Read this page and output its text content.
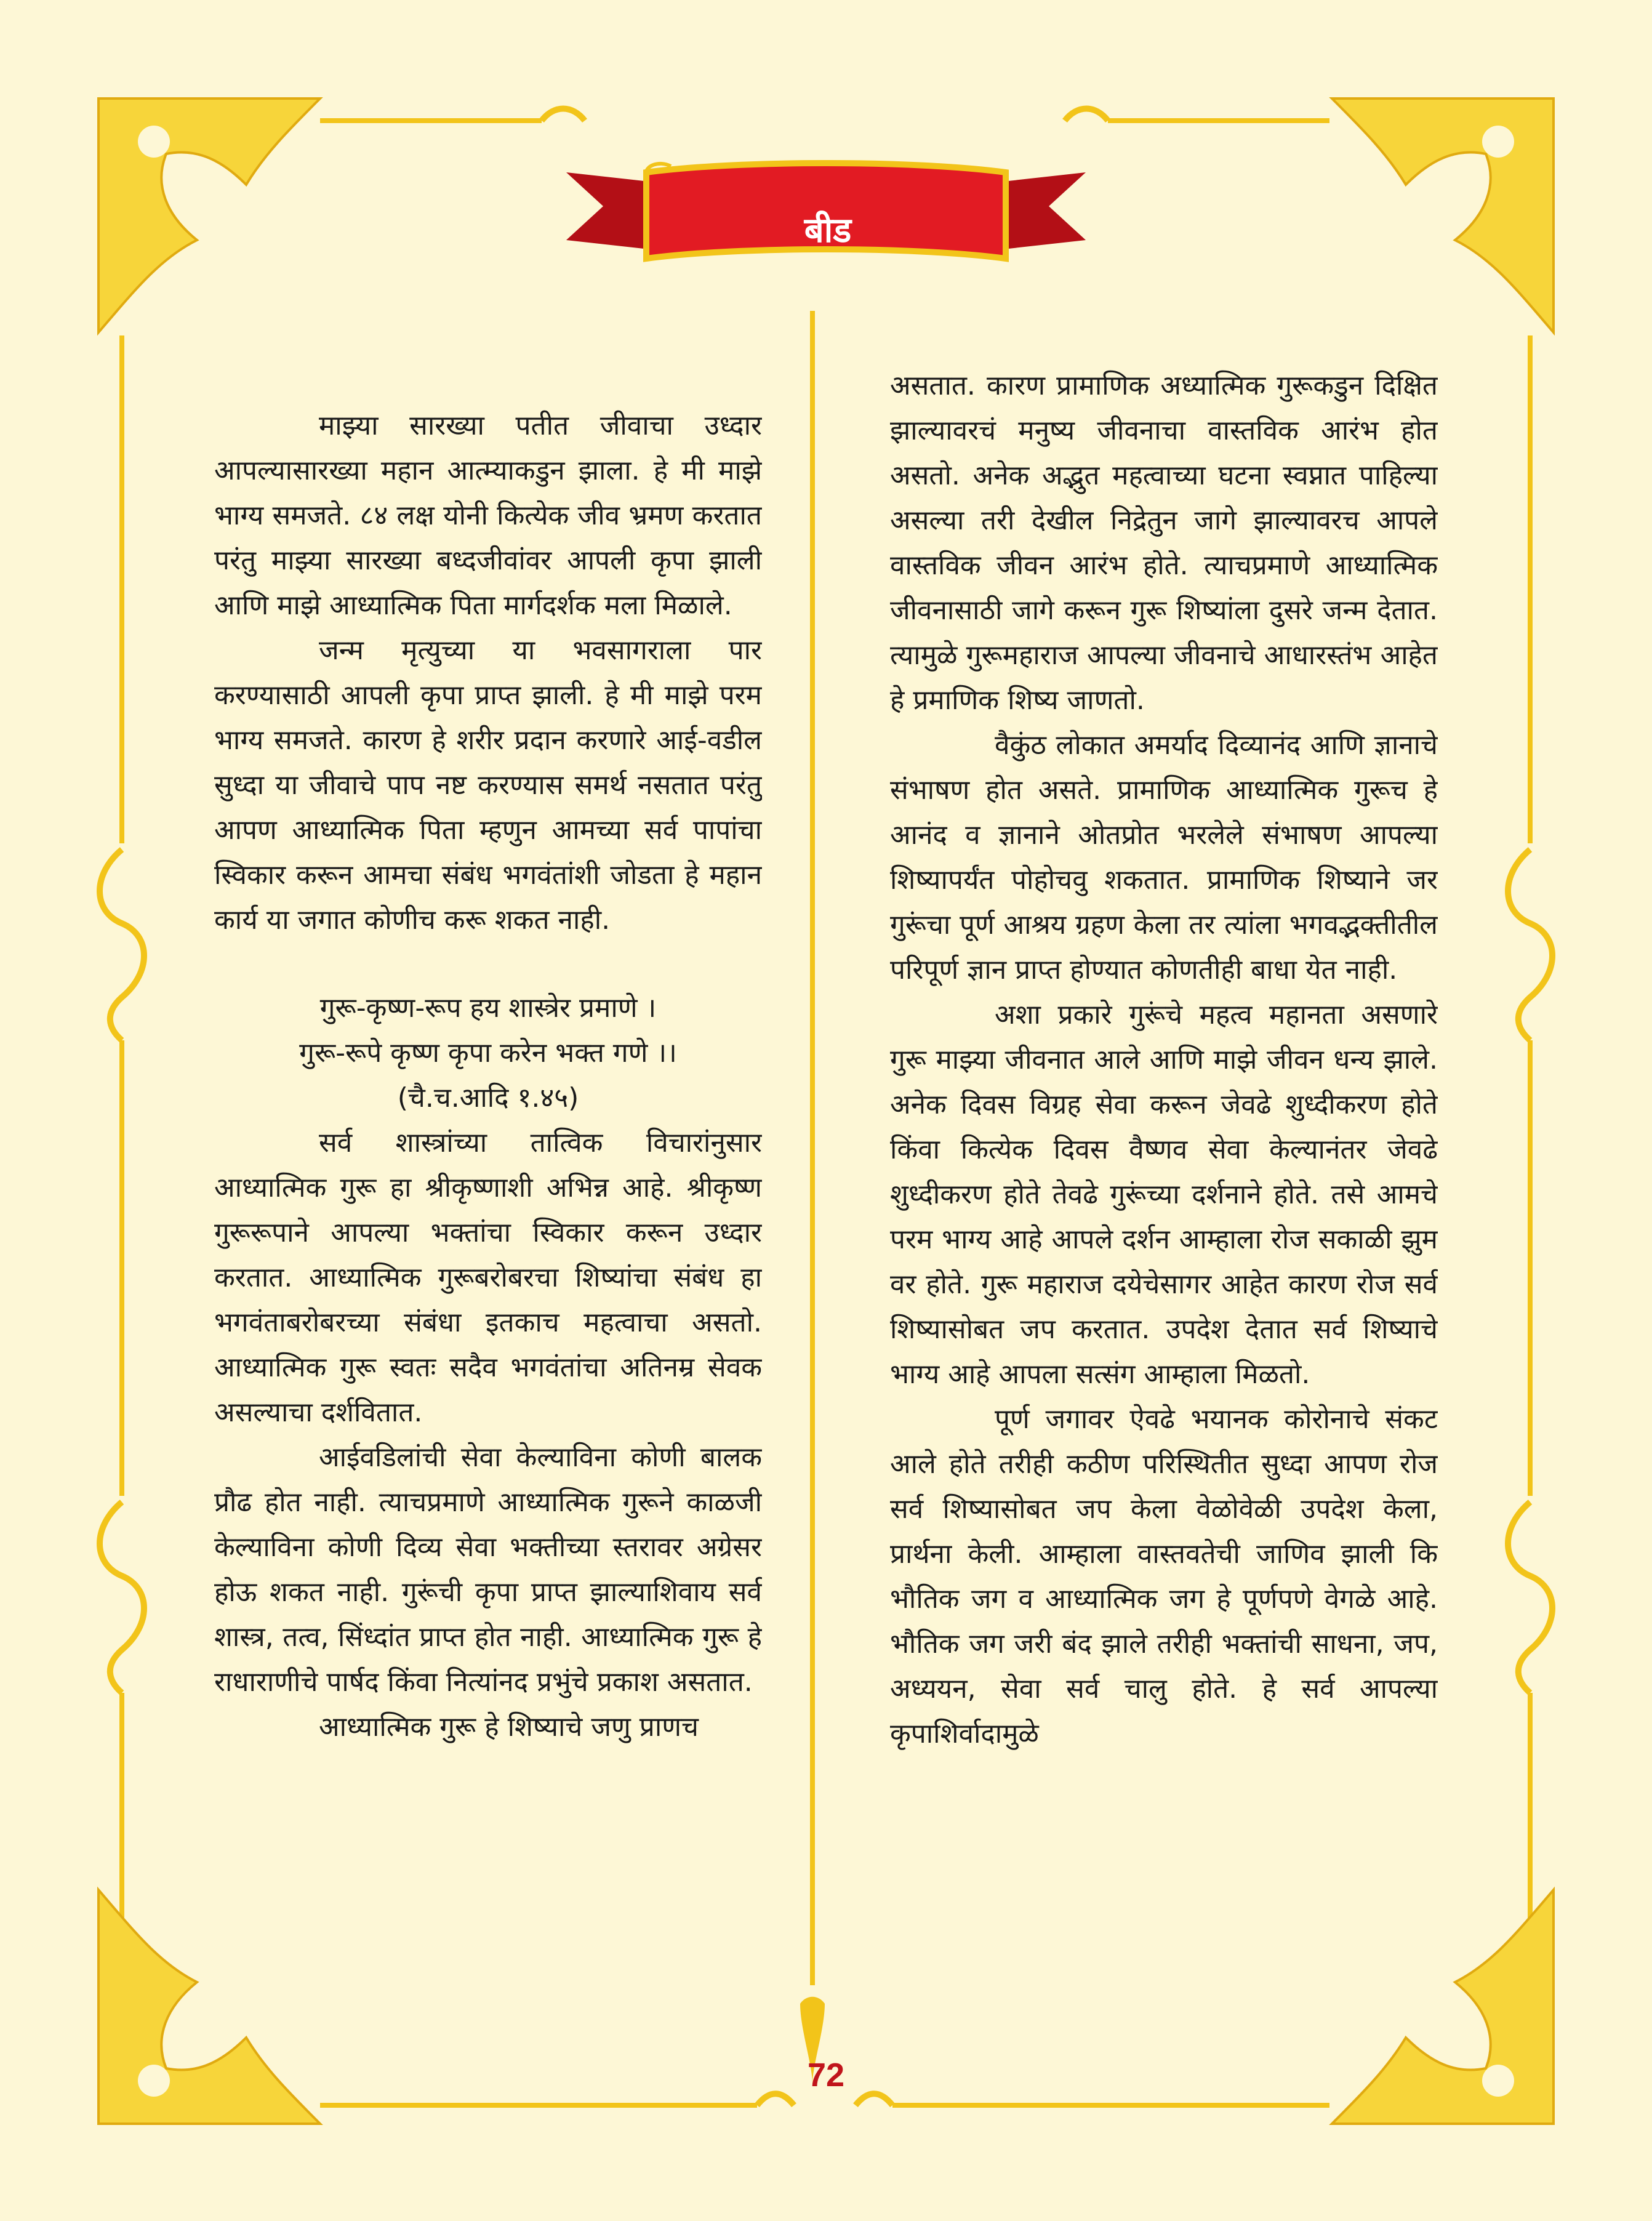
बीड

माझ्या सारख्या पतीत जीवाचा उध्दार आपल्यासारख्या महान आत्म्याकडुन झाला. हे मी माझे भाग्य समजते. ८४ लक्ष योनी कित्येक जीव भ्रमण करतात परंतु माझ्या सारख्या बध्दजीवांवर आपली कृपा झाली आणि माझे आध्यात्मिक पिता मार्गदर्शक मला मिळाले.

जन्म मृत्युच्या या भवसागराला पार करण्यासाठी आपली कृपा प्राप्त झाली. हे मी माझे परम भाग्य समजते. कारण हे शरीर प्रदान करणारे आई-वडील सुध्दा या जीवाचे पाप नष्ट करण्यास समर्थ नसतात परंतु आपण आध्यात्मिक पिता म्हणुन आमच्या सर्व पापांचा स्विकार करून आमचा संबंध भगवंतांशी जोडता हे महान कार्य या जगात कोणीच करू शकत नाही.

गुरू-कृष्ण-रूप हय शास्त्रेर प्रमाणे ।

गुरू-रूपे कृष्ण कृपा करेन भक्त गणे ।।

(चै.च.आदि १.४५)

सर्व शास्त्रांच्या तात्विक विचारांनुसार आध्यात्मिक गुरू हा श्रीकृष्णाशी अभिन्न आहे. श्रीकृष्ण गुरूरूपाने आपल्या भक्तांचा स्विकार करून उध्दार करतात. आध्यात्मिक गुरूबरोबरचा शिष्यांचा संबंध हा भगवंताबरोबरच्या संबंधा इतकाच महत्वाचा असतो. आध्यात्मिक गुरू स्वतः सदैव भगवंतांचा अतिनम्र सेवक असल्याचा दर्शवितात.

आईवडिलांची सेवा केल्याविना कोणी बालक प्रौढ होत नाही. त्याचप्रमाणे आध्यात्मिक गुरूने काळजी केल्याविना कोणी दिव्य सेवा भक्तीच्या स्तरावर अग्रेसर होऊ शकत नाही. गुरूंची कृपा प्राप्त झाल्याशिवाय सर्व शास्त्र, तत्व, सिंध्दांत प्राप्त होत नाही. आध्यात्मिक गुरू हे राधाराणीचे पार्षद किंवा नित्यांनद प्रभुंचे प्रकाश असतात.

आध्यात्मिक गुरू हे शिष्याचे जणु प्राणच

असतात. कारण प्रामाणिक अध्यात्मिक गुरूकडुन दिक्षित झाल्यावरचं मनुष्य जीवनाचा वास्तविक आरंभ होत असतो. अनेक अद्भुत महत्वाच्या घटना स्वप्नात पाहिल्या असल्या तरी देखील निद्रेतुन जागे झाल्यावरच आपले वास्तविक जीवन आरंभ होते. त्याचप्रमाणे आध्यात्मिक जीवनासाठी जागे करून गुरू शिष्यांला दुसरे जन्म देतात. त्यामुळे गुरूमहाराज आपल्या जीवनाचे आधारस्तंभ आहेत हे प्रमाणिक शिष्य जाणतो.

वैकुंठ लोकात अमर्याद दिव्यानंद आणि ज्ञानाचे संभाषण होत असते. प्रामाणिक आध्यात्मिक गुरूच हे आनंद व ज्ञानाने ओतप्रोत भरलेले संभाषण आपल्या शिष्यापर्यंत पोहोचवु शकतात. प्रामाणिक शिष्याने जर गुरूंचा पूर्ण आश्रय ग्रहण केला तर त्यांला भगवद्भक्तीतील परिपूर्ण ज्ञान प्राप्त होण्यात कोणतीही बाधा येत नाही.

अशा प्रकारे गुरूंचे महत्व महानता असणारे गुरू माझ्या जीवनात आले आणि माझे जीवन धन्य झाले. अनेक दिवस विग्रह सेवा करून जेवढे शुध्दीकरण होते किंवा कित्येक दिवस वैष्णव सेवा केल्यानंतर जेवढे शुध्दीकरण होते तेवढे गुरूंच्या दर्शनाने होते. तसे आमचे परम भाग्य आहे आपले दर्शन आम्हाला रोज सकाळी झुम वर होते. गुरू महाराज दयेचेसागर आहेत कारण रोज सर्व शिष्यासोबत जप करतात. उपदेश देतात सर्व शिष्याचे भाग्य आहे आपला सत्संग आम्हाला मिळतो.

पूर्ण जगावर ऐवढे भयानक कोरोनाचे संकट आले होते तरीही कठीण परिस्थितीत सुध्दा आपण रोज सर्व शिष्यासोबत जप केला वेळोवेळी उपदेश केला, प्रार्थना केली. आम्हाला वास्तवतेची जाणिव झाली कि भौतिक जग व आध्यात्मिक जग हे पूर्णपणे वेगळे आहे. भौतिक जग जरी बंद झाले तरीही भक्तांची साधना, जप, अध्ययन, सेवा सर्व चालु होते. हे सर्व आपल्या कृपाशिर्वादामुळे

72
